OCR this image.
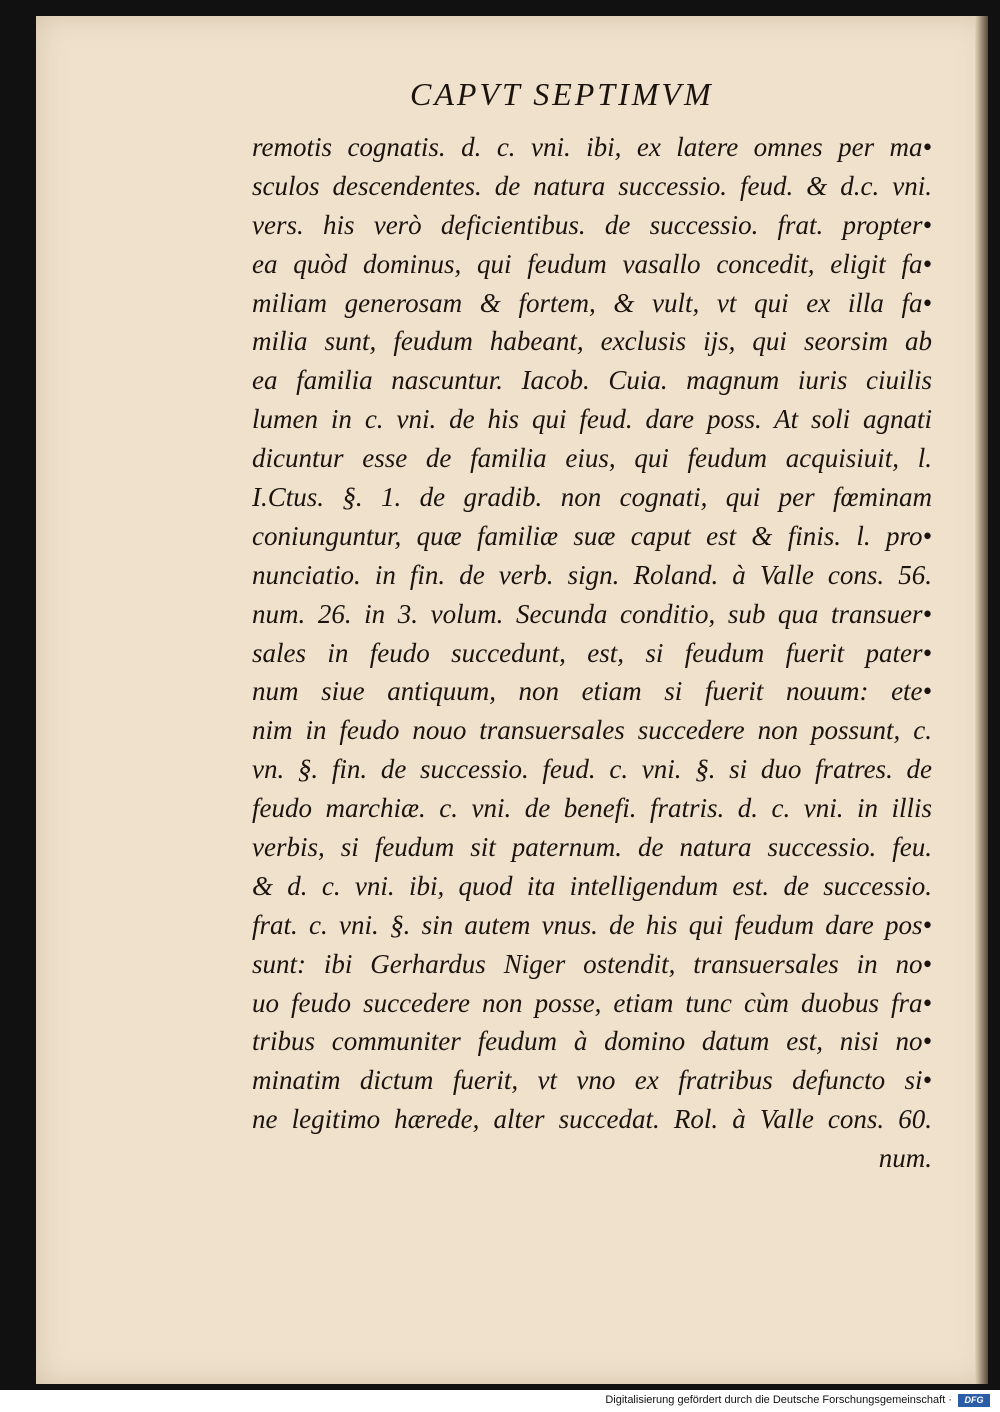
CAPVT SEPTIMVM
remotis cognatis. d. c. vni. ibi, ex latere omnes per ma•
sculos descendentes. de natura successio. feud. & d.c. vni.
vers. his verò deficientibus. de successio. frat. propter•
ea quòd dominus, qui feudum vasallo concedit, eligit fa•
miliam generosam & fortem, & vult, vt qui ex illa fa•
milia sunt, feudum habeant, exclusis ijs, qui seorsim ab
ea familia nascuntur. Iacob. Cuia. magnum iuris ciuilis
lumen in c. vni. de his qui feud. dare poss. At soli agnati
dicuntur esse de familia eius, qui feudum acquisiuit, l.
I.Ctus. §. 1. de gradib. non cognati, qui per fœminam
coniunguntur, quæ familiæ suæ caput est & finis. l. pro•
nunciatio. in fin. de verb. sign. Roland. à Valle cons. 56.
num. 26. in 3. volum. Secunda conditio, sub qua transuer•
sales in feudo succedunt, est, si feudum fuerit pater•
num siue antiquum, non etiam si fuerit nouum: ete•
nim in feudo nouo transuersales succedere non possunt, c.
vn. §. fin. de successio. feud. c. vni. §. si duo fratres. de
feudo marchiæ. c. vni. de benefi. fratris. d. c. vni. in illis
verbis, si feudum sit paternum. de natura successio. feu.
& d. c. vni. ibi, quod ita intelligendum est. de successio.
frat. c. vni. §. sin autem vnus. de his qui feudum dare pos•
sunt: ibi Gerhardus Niger ostendit, transuersales in no•
uo feudo succedere non posse, etiam tunc cùm duobus fra•
tribus communiter feudum à domino datum est, nisi no•
minatim dictum fuerit, vt vno ex fratribus defuncto si•
ne legitimo hærede, alter succedat. Rol. à Valle cons. 60.
num.
Digitalisierung gefördert durch die Deutsche Forschungsgemeinschaft ·	DFG
